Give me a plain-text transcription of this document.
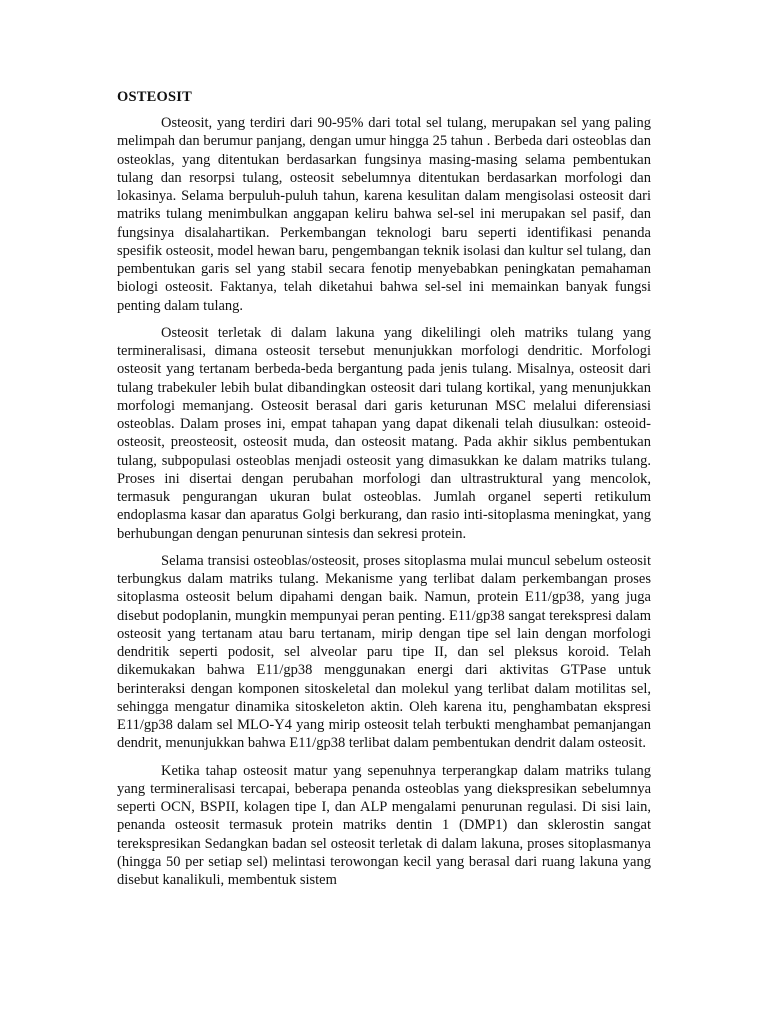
OSTEOSIT

Osteosit, yang terdiri dari 90-95% dari total sel tulang, merupakan sel yang paling melimpah dan berumur panjang, dengan umur hingga 25 tahun . Berbeda dari osteoblas dan osteoklas, yang ditentukan berdasarkan fungsinya masing-masing selama pembentukan tulang dan resorpsi tulang, osteosit sebelumnya ditentukan berdasarkan morfologi dan lokasinya. Selama berpuluh-puluh tahun, karena kesulitan dalam mengisolasi osteosit dari matriks tulang menimbulkan anggapan keliru bahwa sel-sel ini merupakan sel pasif, dan fungsinya disalahartikan. Perkembangan teknologi baru seperti identifikasi penanda spesifik osteosit, model hewan baru, pengembangan teknik isolasi dan kultur sel tulang, dan pembentukan garis sel yang stabil secara fenotip menyebabkan peningkatan pemahaman biologi osteosit. Faktanya, telah diketahui bahwa sel-sel ini memainkan banyak fungsi penting dalam tulang.

Osteosit terletak di dalam lakuna yang dikelilingi oleh matriks tulang yang termineralisasi, dimana osteosit tersebut menunjukkan morfologi dendritic. Morfologi osteosit yang tertanam berbeda-beda bergantung pada jenis tulang. Misalnya, osteosit dari tulang trabekuler lebih bulat dibandingkan osteosit dari tulang kortikal, yang menunjukkan morfologi memanjang. Osteosit berasal dari garis keturunan MSC melalui diferensiasi osteoblas. Dalam proses ini, empat tahapan yang dapat dikenali telah diusulkan: osteoid-osteosit, preosteosit, osteosit muda, dan osteosit matang. Pada akhir siklus pembentukan tulang, subpopulasi osteoblas menjadi osteosit yang dimasukkan ke dalam matriks tulang. Proses ini disertai dengan perubahan morfologi dan ultrastruktural yang mencolok, termasuk pengurangan ukuran bulat osteoblas. Jumlah organel seperti retikulum endoplasma kasar dan aparatus Golgi berkurang, dan rasio inti-sitoplasma meningkat, yang berhubungan dengan penurunan sintesis dan sekresi protein.

Selama transisi osteoblas/osteosit, proses sitoplasma mulai muncul sebelum osteosit terbungkus dalam matriks tulang. Mekanisme yang terlibat dalam perkembangan proses sitoplasma osteosit belum dipahami dengan baik. Namun, protein E11/gp38, yang juga disebut podoplanin, mungkin mempunyai peran penting. E11/gp38 sangat terekspresi dalam osteosit yang tertanam atau baru tertanam, mirip dengan tipe sel lain dengan morfologi dendritik seperti podosit, sel alveolar paru tipe II, dan sel pleksus koroid. Telah dikemukakan bahwa E11/gp38 menggunakan energi dari aktivitas GTPase untuk berinteraksi dengan komponen sitoskeletal dan molekul yang terlibat dalam motilitas sel, sehingga mengatur dinamika sitoskeleton aktin. Oleh karena itu, penghambatan ekspresi E11/gp38 dalam sel MLO-Y4 yang mirip osteosit telah terbukti menghambat pemanjangan dendrit, menunjukkan bahwa E11/gp38 terlibat dalam pembentukan dendrit dalam osteosit.

Ketika tahap osteosit matur yang sepenuhnya terperangkap dalam matriks tulang yang termineralisasi tercapai, beberapa penanda osteoblas yang diekspresikan sebelumnya seperti OCN, BSPII, kolagen tipe I, dan ALP mengalami penurunan regulasi. Di sisi lain, penanda osteosit termasuk protein matriks dentin 1 (DMP1) dan sklerostin sangat terekspresikan Sedangkan badan sel osteosit terletak di dalam lakuna, proses sitoplasmanya (hingga 50 per setiap sel) melintasi terowongan kecil yang berasal dari ruang lakuna yang disebut kanalikuli, membentuk sistem
